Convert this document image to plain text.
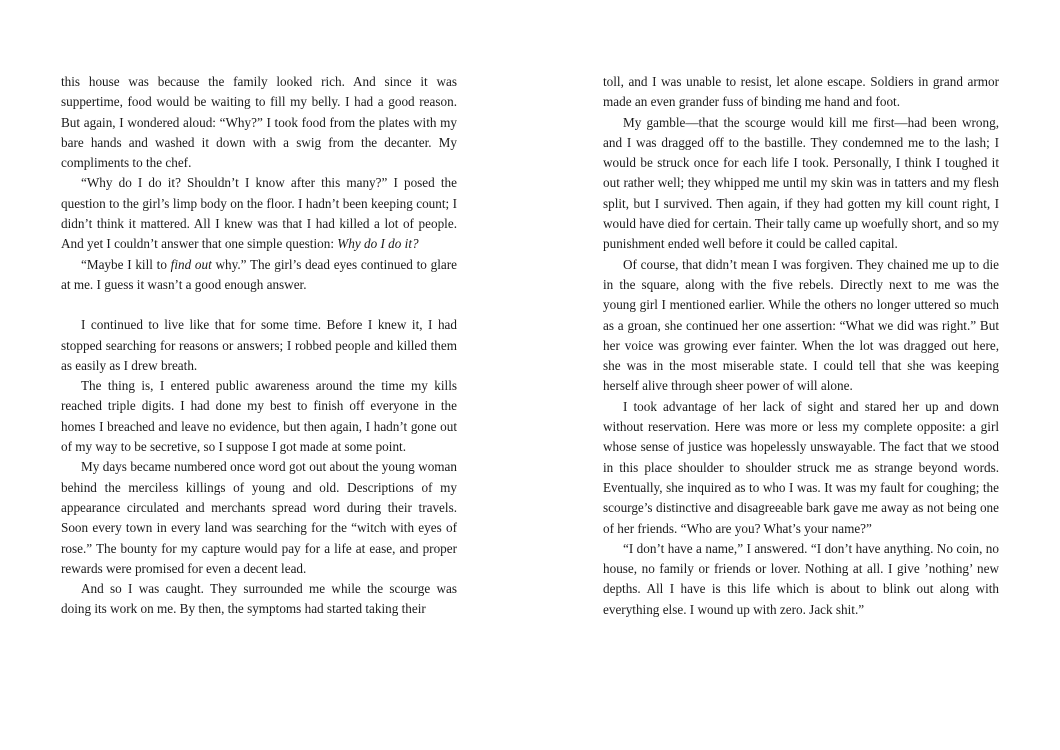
this house was because the family looked rich. And since it was suppertime, food would be waiting to fill my belly. I had a good reason. But again, I wondered aloud: “Why?” I took food from the plates with my bare hands and washed it down with a swig from the decanter. My compliments to the chef.

“Why do I do it? Shouldn’t I know after this many?” I posed the question to the girl’s limp body on the floor. I hadn’t been keeping count; I didn’t think it mattered. All I knew was that I had killed a lot of people. And yet I couldn’t answer that one simple question: Why do I do it?

“Maybe I kill to find out why.” The girl’s dead eyes continued to glare at me. I guess it wasn’t a good enough answer.

I continued to live like that for some time. Before I knew it, I had stopped searching for reasons or answers; I robbed people and killed them as easily as I drew breath.

The thing is, I entered public awareness around the time my kills reached triple digits. I had done my best to finish off everyone in the homes I breached and leave no evidence, but then again, I hadn’t gone out of my way to be secretive, so I suppose I got made at some point.

My days became numbered once word got out about the young woman behind the merciless killings of young and old. Descriptions of my appearance circulated and merchants spread word during their travels. Soon every town in every land was searching for the “witch with eyes of rose.” The bounty for my capture would pay for a life at ease, and proper rewards were promised for even a decent lead.

And so I was caught. They surrounded me while the scourge was doing its work on me. By then, the symptoms had started taking their

toll, and I was unable to resist, let alone escape. Soldiers in grand armor made an even grander fuss of binding me hand and foot.

My gamble—that the scourge would kill me first—had been wrong, and I was dragged off to the bastille. They condemned me to the lash; I would be struck once for each life I took. Personally, I think I toughed it out rather well; they whipped me until my skin was in tatters and my flesh split, but I survived. Then again, if they had gotten my kill count right, I would have died for certain. Their tally came up woefully short, and so my punishment ended well before it could be called capital.

Of course, that didn’t mean I was forgiven. They chained me up to die in the square, along with the five rebels. Directly next to me was the young girl I mentioned earlier. While the others no longer uttered so much as a groan, she continued her one assertion: “What we did was right.” But her voice was growing ever fainter. When the lot was dragged out here, she was in the most miserable state. I could tell that she was keeping herself alive through sheer power of will alone.

I took advantage of her lack of sight and stared her up and down without reservation. Here was more or less my complete opposite: a girl whose sense of justice was hopelessly unswayable. The fact that we stood in this place shoulder to shoulder struck me as strange beyond words. Eventually, she inquired as to who I was. It was my fault for coughing; the scourge’s distinctive and disagreeable bark gave me away as not being one of her friends. “Who are you? What’s your name?”

“I don’t have a name,” I answered. “I don’t have anything. No coin, no house, no family or friends or lover. Nothing at all. I give ’nothing’ new depths. All I have is this life which is about to blink out along with everything else. I wound up with zero. Jack shit.”
